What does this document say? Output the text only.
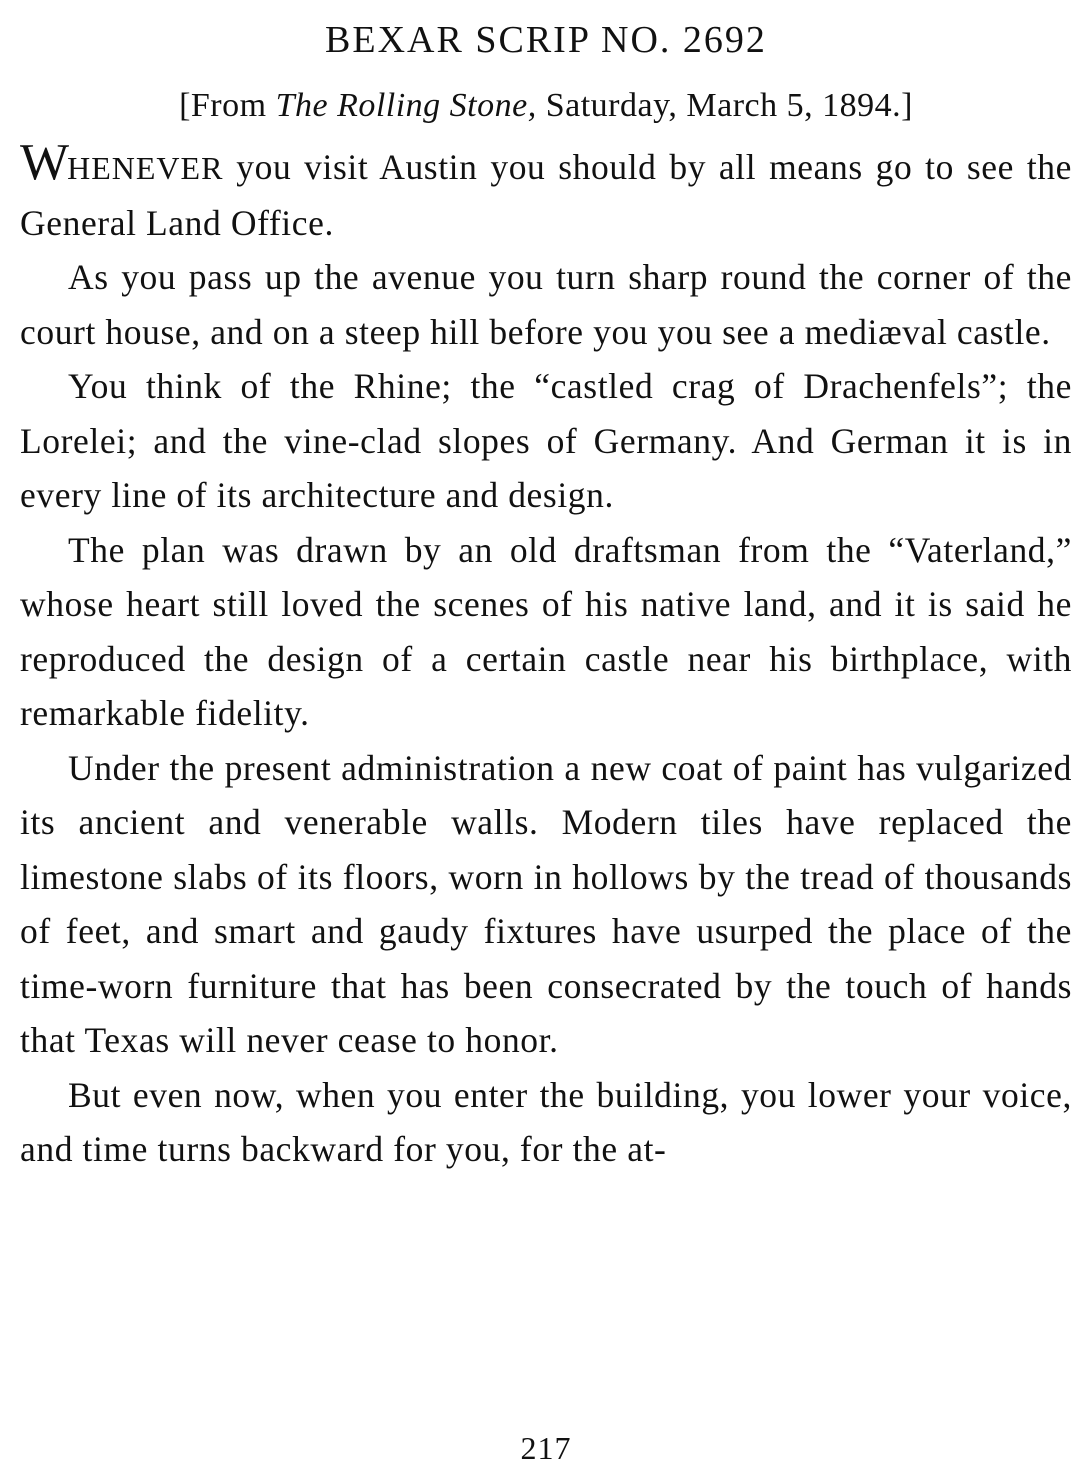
BEXAR SCRIP NO. 2692
[From The Rolling Stone, Saturday, March 5, 1894.]

WHENEVER you visit Austin you should by all means go to see the General Land Office.

As you pass up the avenue you turn sharp round the corner of the court house, and on a steep hill before you you see a mediæval castle.

You think of the Rhine; the “castled crag of Drachenfels”; the Lorelei; and the vine-clad slopes of Germany. And German it is in every line of its architecture and design.

The plan was drawn by an old draftsman from the “Vaterland,” whose heart still loved the scenes of his native land, and it is said he reproduced the design of a certain castle near his birthplace, with remarkable fidelity.

Under the present administration a new coat of paint has vulgarized its ancient and venerable walls. Modern tiles have replaced the limestone slabs of its floors, worn in hollows by the tread of thousands of feet, and smart and gaudy fixtures have usurped the place of the time-worn furniture that has been consecrated by the touch of hands that Texas will never cease to honor.

But even now, when you enter the building, you lower your voice, and time turns backward for you, for the at-

217
